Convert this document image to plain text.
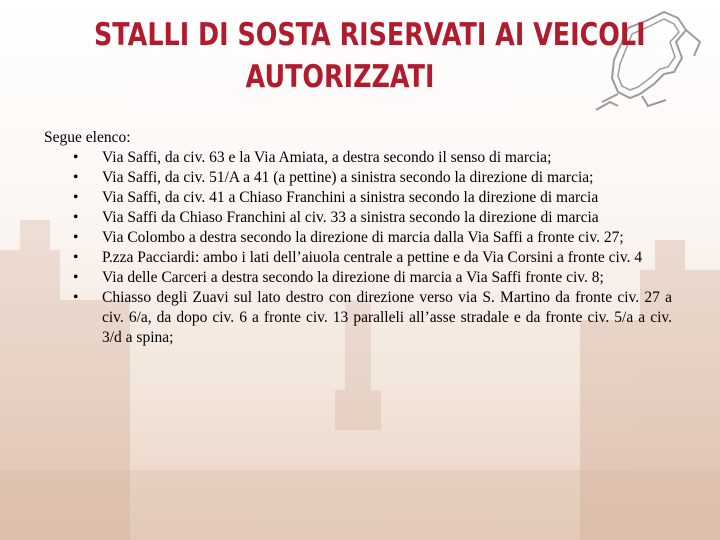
STALLI DI SOSTA RISERVATI AI VEICOLI
AUTORIZZATI

Segue elenco:

• Via Saffi, da civ. 63 e la Via Amiata, a destra secondo il senso di marcia;
• Via Saffi, da civ. 51/A a 41 (a pettine) a sinistra secondo la direzione di marcia;
• Via Saffi, da civ. 41 a Chiaso Franchini a sinistra secondo la direzione di marcia
• Via Saffi da Chiaso Franchini al civ. 33 a sinistra secondo la direzione di marcia
• Via Colombo a destra secondo la direzione di marcia dalla Via Saffi a fronte civ. 27;
• P.zza Pacciardi: ambo i lati dell’aiuola centrale a pettine e da Via Corsini a fronte civ. 4
• Via delle Carceri a destra secondo la direzione di marcia a Via Saffi fronte civ. 8;
• Chiasso degli Zuavi sul lato destro con direzione verso via S. Martino da fronte civ. 27 a civ. 6/a, da dopo civ. 6 a fronte civ. 13 paralleli all’asse stradale e da fronte civ. 5/a a civ. 3/d a spina;
